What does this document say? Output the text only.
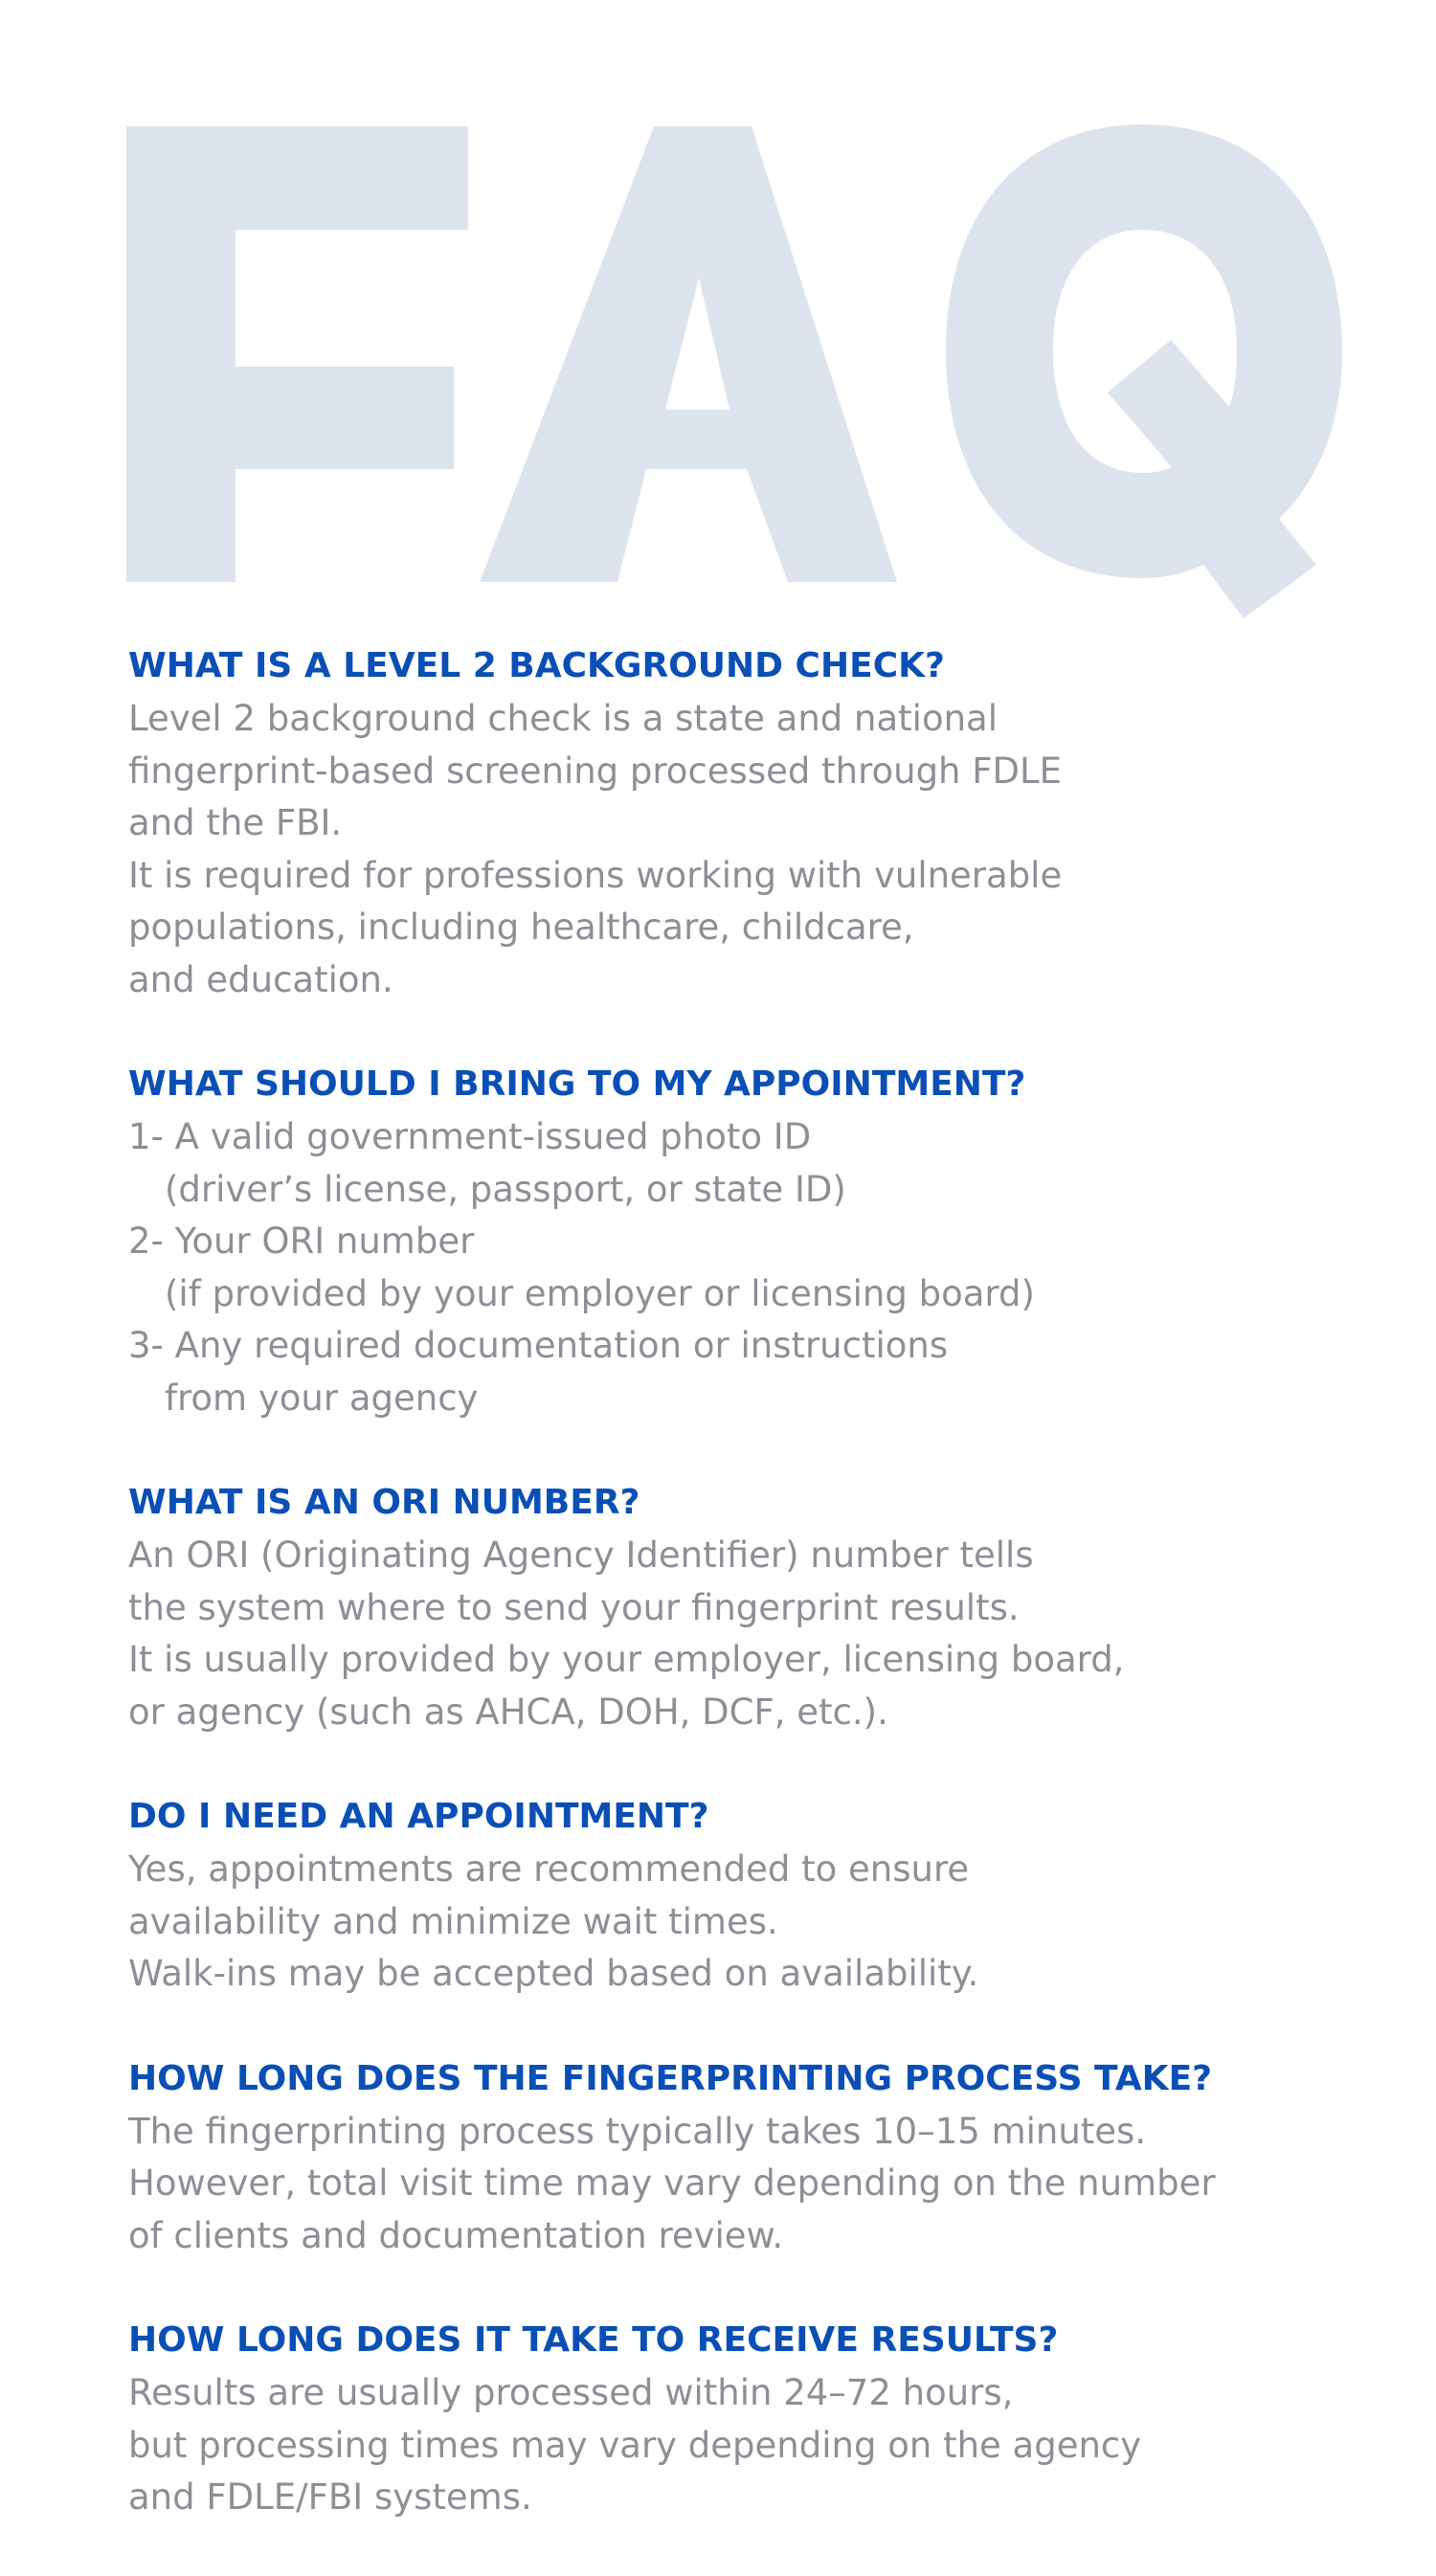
WHAT IS A LEVEL 2 BACKGROUND CHECK?
Level 2 background check is a state and national
fingerprint-based screening processed through FDLE
and the FBI.
It is required for professions working with vulnerable
populations, including healthcare, childcare,
and education.
WHAT SHOULD I BRING TO MY APPOINTMENT?
1- A valid government-issued photo ID
(driver’s license, passport, or state ID)
2- Your ORI number
(if provided by your employer or licensing board)
3- Any required documentation or instructions
from your agency
WHAT IS AN ORI NUMBER?
An ORI (Originating Agency Identifier) number tells
the system where to send your fingerprint results.
It is usually provided by your employer, licensing board,
or agency (such as AHCA, DOH, DCF, etc.).
DO I NEED AN APPOINTMENT?
Yes, appointments are recommended to ensure
availability and minimize wait times.
Walk-ins may be accepted based on availability.
HOW LONG DOES THE FINGERPRINTING PROCESS TAKE?
The fingerprinting process typically takes 10–15 minutes.
However, total visit time may vary depending on the number
of clients and documentation review.
HOW LONG DOES IT TAKE TO RECEIVE RESULTS?
Results are usually processed within 24–72 hours,
but processing times may vary depending on the agency
and FDLE/FBI systems.
